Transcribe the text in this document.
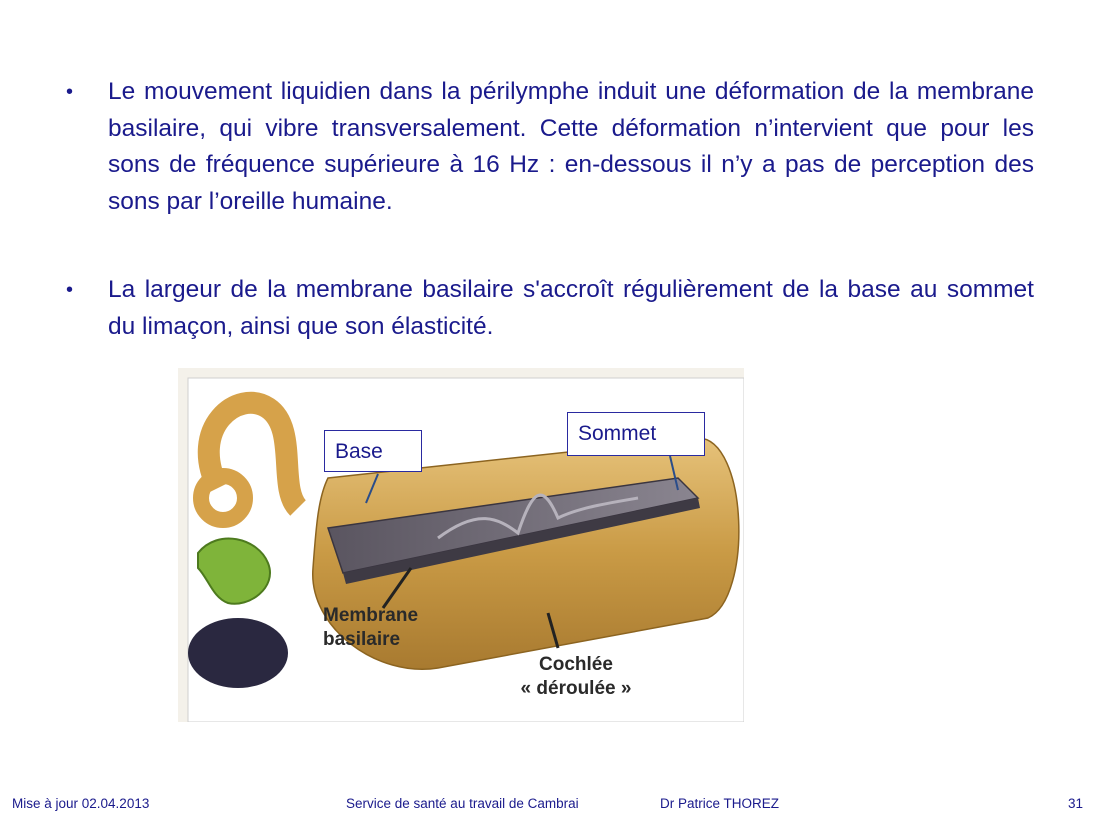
• Le mouvement liquidien dans la périlymphe induit une déformation de la membrane basilaire, qui vibre transversalement. Cette déformation n’intervient que pour les sons de fréquence supérieure à 16 Hz : en-dessous il n’y a pas de perception des sons par l’oreille humaine.
• La largeur de la membrane basilaire s'accroît régulièrement de la base au sommet du limaçon, ainsi que son élasticité.
Base
Sommet
Membrane
basilaire
Cochlée
« déroulée »
Mise à jour 02.04.2013	Service de santé au travail de Cambrai	Dr Patrice THOREZ	31
